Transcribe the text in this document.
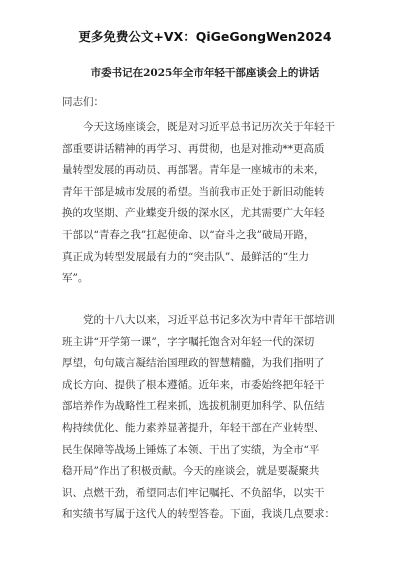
更多免费公文+VX：QiGeGongWen2024
市委书记在2025年全市年轻干部座谈会上的讲话
同志们：
　　今天这场座谈会，既是对习近平总书记历次关于年轻干
部重要讲话精神的再学习、再贯彻，也是对推动**更高质
量转型发展的再动员、再部署。青年是一座城市的未来，
青年干部是城市发展的希望。当前我市正处于新旧动能转
换的攻坚期、产业蝶变升级的深水区，尤其需要广大年轻
干部以“青春之我”扛起使命、以“奋斗之我”破局开路，
真正成为转型发展最有力的“突击队”、最鲜活的“生力
军”。
　　党的十八大以来，习近平总书记多次为中青年干部培训
班主讲“开学第一课”，字字嘱托饱含对年轻一代的深切
厚望，句句箴言凝结治国理政的智慧精髓，为我们指明了
成长方向、提供了根本遵循。近年来，市委始终把年轻干
部培养作为战略性工程来抓，选拔机制更加科学、队伍结
构持续优化、能力素养显著提升，年轻干部在产业转型、
民生保障等战场上锤炼了本领、干出了实绩，为全市“平
稳开局”作出了积极贡献。今天的座谈会，就是要凝聚共
识、点燃干劲，希望同志们牢记嘱托、不负韶华，以实干
和实绩书写属于这代人的转型答卷。下面，我谈几点要求：
